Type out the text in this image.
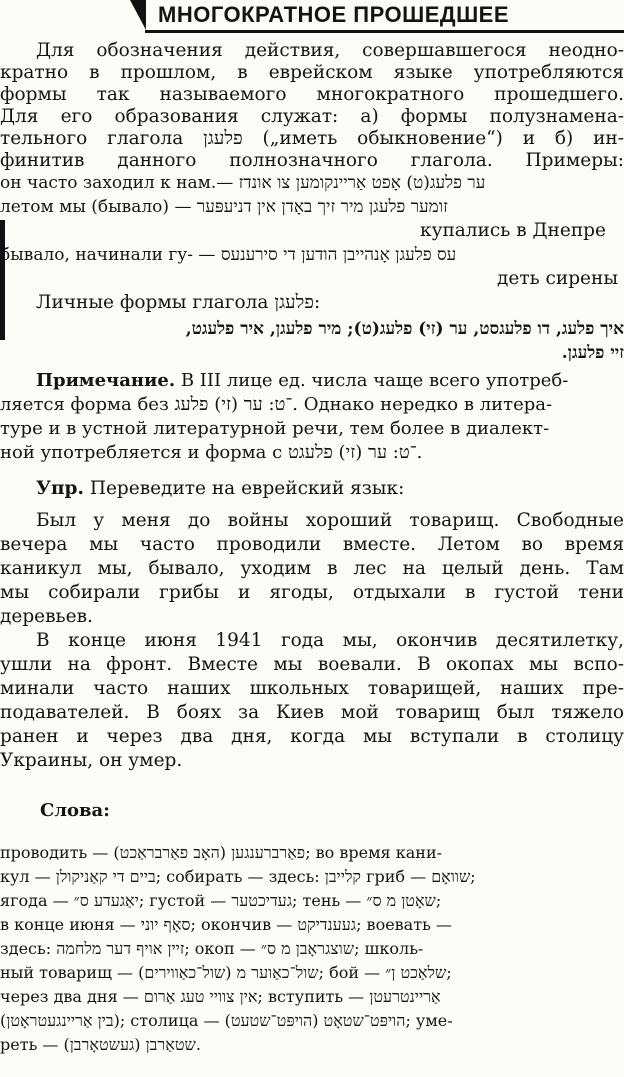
МНОГОКРАТНОЕ ПРОШЕДШЕЕ
Для обозначения действия, совершавшегося неодно-
кратно в прошлом, в еврейском языке употребляются
формы так называемого многократного прошедшего.
Для его образования служат: а) формы полузнамена-
тельного глагола פלעגן („иметь обыкновение“) и б) ин-
финитив данного полнозначного глагола. Примеры:
он часто заходил к нам.— ער פלעג(ט) אָפט אַריינקומען צו אונדז
летом мы (бывало) — זומער פלעגן מיר זיך באָדן אין דניעפּער
купались в Днепре
бывало, начинали гу- — עס פלעגן אָנהייבן הודען די סירענעס
деть сирены
Личные формы глагола פלעגן:
איך פלעג, דו פלעגסט, ער (זי) פלעג(ט); מיר פלעגן, איר פלעגט,
זיי פלעגן.
Примечание. В III лице ед. числа чаще всего употреб-
ляется форма без ־ט: ער (זי) פלעג. Однако нередко в литера-
туре и в устной литературной речи, тем более в диалект-
ной употребляется и форма с ־ט: ער (זי) פלעגט.
Упр. Переведите на еврейский язык:
Был у меня до войны хороший товарищ. Свободные
вечера мы часто проводили вместе. Летом во время
каникул мы, бывало, уходим в лес на целый день. Там
мы собирали грибы и ягоды, отдыхали в густой тени
деревьев.
В конце июня 1941 года мы, окончив десятилетку,
ушли на фронт. Вместе мы воевали. В окопах мы вспо-
минали часто наших школьных товарищей, наших пре-
подавателей. В боях за Киев мой товарищ был тяжело
ранен и через два дня, когда мы вступали в столицу
Украины, он умер.
Слова:
проводить — (פאַרברענגען (האָב פאַרבראַכט; во время кани-
кул — ביים די קאַניקולן; собирать — здесь: קלייבן гриб — שוואָם;
ягода — יאַגעדע ס״; густой — געדיכטער; тень — שאָטן מ ס״;
в конце июня — סאָף יוני; окончив — געענדיקט; воевать —
здесь: זיין אויף דער מלחמה; окоп — שוצגראָבן מ ס״; школь-
ный товарищ — שול־כאַוער מ (שול־כאַווירים); бой — שלאַכט ן״;
через два дня — אין צוויי טעג אַרום; вступить — אַריינטרעטן
(בין אַריינגעטראָטן); столица — הויפּט־שטאָט (הויפּט־שטעט); уме-
реть — שטאַרבן (געשטאָרבן).
